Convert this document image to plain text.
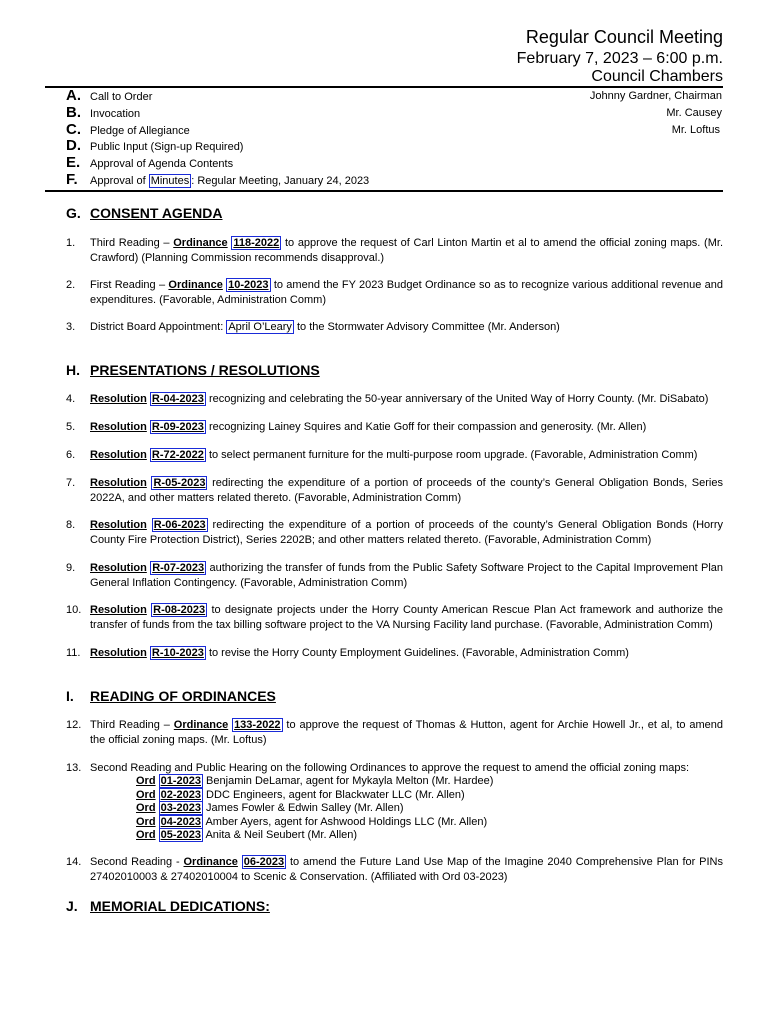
Regular Council Meeting
February 7, 2023 – 6:00 p.m.
Council Chambers
A. Call to Order	Johnny Gardner, Chairman
B. Invocation	Mr. Causey
C. Pledge of Allegiance	Mr. Loftus
D. Public Input (Sign-up Required)
E. Approval of Agenda Contents
F. Approval of Minutes : Regular Meeting, January 24, 2023
G. CONSENT AGENDA
1.	Third Reading – Ordinance 118-2022 to approve the request of Carl Linton Martin et al to amend the official zoning maps. (Mr. Crawford) (Planning Commission recommends disapproval.)
2.	First Reading – Ordinance 10-2023 to amend the FY 2023 Budget Ordinance so as to recognize various additional revenue and expenditures. (Favorable, Administration Comm)
3.	District Board Appointment: April O’Leary to the Stormwater Advisory Committee (Mr. Anderson)
H. PRESENTATIONS / RESOLUTIONS
4.	Resolution R-04-2023 recognizing and celebrating the 50-year anniversary of the United Way of Horry County. (Mr. DiSabato)
5.	Resolution R-09-2023 recognizing Lainey Squires and Katie Goff for their compassion and generosity. (Mr. Allen)
6.	Resolution R-72-2022 to select permanent furniture for the multi-purpose room upgrade. (Favorable, Administration Comm)
7.	Resolution R-05-2023 redirecting the expenditure of a portion of proceeds of the county’s General Obligation Bonds, Series 2022A, and other matters related thereto. (Favorable, Administration Comm)
8.	Resolution R-06-2023 redirecting the expenditure of a portion of proceeds of the county’s General Obligation Bonds (Horry County Fire Protection District), Series 2202B; and other matters related thereto. (Favorable, Administration Comm)
9.	Resolution R-07-2023 authorizing the transfer of funds from the Public Safety Software Project to the Capital Improvement Plan General Inflation Contingency. (Favorable, Administration Comm)
10. Resolution R-08-2023 to designate projects under the Horry County American Rescue Plan Act framework and authorize the transfer of funds from the tax billing software project to the VA Nursing Facility land purchase. (Favorable, Administration Comm)
11. Resolution R-10-2023 to revise the Horry County Employment Guidelines. (Favorable, Administration Comm)
I. READING OF ORDINANCES
12. Third Reading – Ordinance 133-2022 to approve the request of Thomas & Hutton, agent for Archie Howell Jr., et al, to amend the official zoning maps. (Mr. Loftus)
13. Second Reading and Public Hearing on the following Ordinances to approve the request to amend the official zoning maps:
Ord 01-2023 Benjamin DeLamar, agent for Mykayla Melton (Mr. Hardee)
Ord 02-2023 DDC Engineers, agent for Blackwater LLC (Mr. Allen)
Ord 03-2023 James Fowler & Edwin Salley (Mr. Allen)
Ord 04-2023 Amber Ayers, agent for Ashwood Holdings LLC (Mr. Allen)
Ord 05-2023 Anita & Neil Seubert (Mr. Allen)
14. Second Reading - Ordinance 06-2023 to amend the Future Land Use Map of the Imagine 2040 Comprehensive Plan for PINs 27402010003 & 27402010004 to Scenic & Conservation. (Affiliated with Ord 03-2023)
J. MEMORIAL DEDICATIONS:
